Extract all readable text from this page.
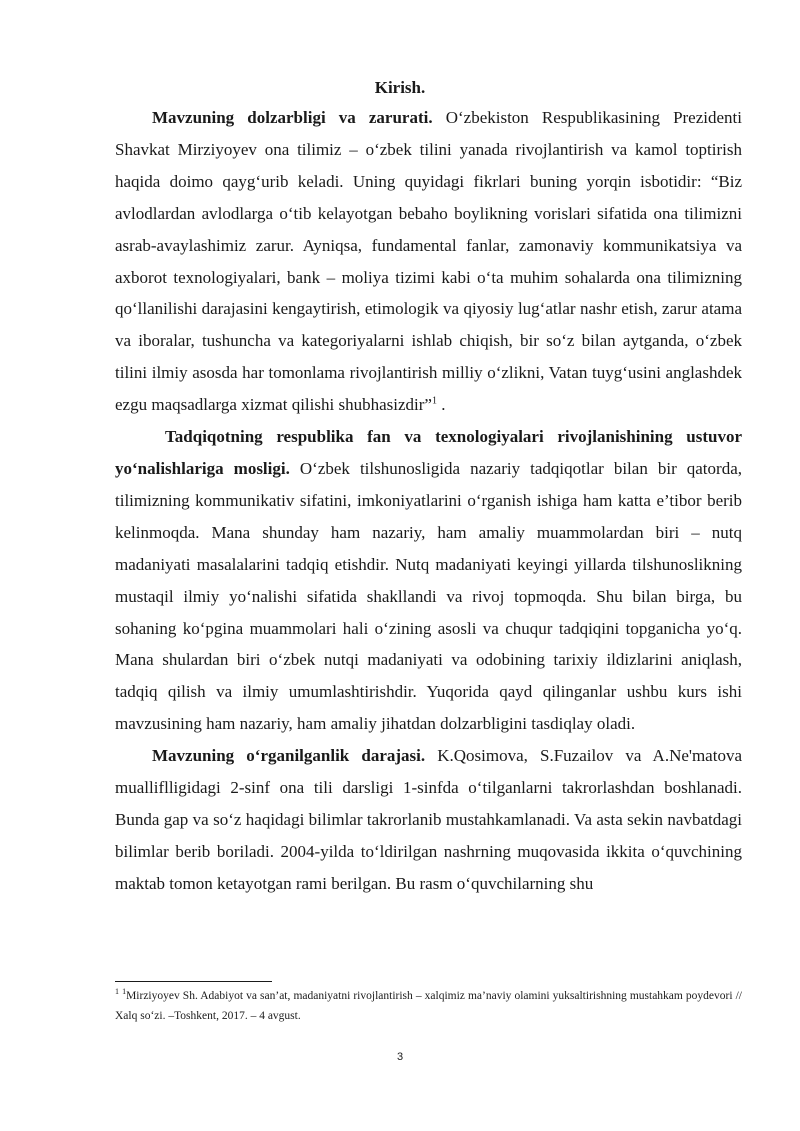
Kirish.

Mavzuning dolzarbligi va zarurati. O‘zbekiston Respublikasining Prezidenti Shavkat Mirziyoyev ona tilimiz – o‘zbek tilini yanada rivojlantirish va kamol toptirish haqida doimo qayg‘urib keladi. Uning quyidagi fikrlari buning yorqin isbotidir: “Biz avlodlardan avlodlarga o‘tib kelayotgan bebaho boylikning vorislari sifatida ona tilimizni asrab-avaylashimiz zarur. Ayniqsa, fundamental fanlar, zamonaviy kommunikatsiya va axborot texnologiyalari, bank – moliya tizimi kabi o‘ta muhim sohalarda ona tilimizning qo‘llanilishi darajasini kengaytirish, etimologik va qiyosiy lug‘atlar nashr etish, zarur atama va iboralar, tushuncha va kategoriyalarni ishlab chiqish, bir so‘z bilan aytganda, o‘zbek tilini ilmiy asosda har tomonlama rivojlantirish milliy o‘zlikni, Vatan tuyg‘usini anglashdek ezgu maqsadlarga xizmat qilishi shubhasizdir”$^1$ .

Tadqiqotning respublika fan va texnologiyalari rivojlanishining ustuvor yo‘nalishlariga mosligi. O‘zbek tilshunosligida nazariy tadqiqotlar bilan bir qatorda, tilimizning kommunikativ sifatini, imkoniyatlarini o‘rganish ishiga ham katta e’tibor berib kelinmoqda. Mana shunday ham nazariy, ham amaliy muammolardan biri – nutq madaniyati masalalarini tadqiq etishdir. Nutq madaniyati keyingi yillarda tilshunoslikning mustaqil ilmiy yo‘nalishi sifatida shakllandi va rivoj topmoqda. Shu bilan birga, bu sohaning ko‘pgina muammolari hali o‘zining asosli va chuqur tadqiqini topganicha yo‘q. Mana shulardan biri o‘zbek nutqi madaniyati va odobining tarixiy ildizlarini aniqlash, tadqiq qilish va ilmiy umumlashtirishdir. Yuqorida qayd qilinganlar ushbu kurs ishi mavzusining ham nazariy, ham amaliy jihatdan dolzarbligini tasdiqlay oladi.

Mavzuning o‘rganilganlik darajasi. K.Qosimova, S.Fuzailov va A.Ne'matova mualliflligidagi 2-sinf ona tili darsligi 1-sinfda o‘tilganlarni takrorlashdan boshlanadi. Bunda gap va so‘z haqidagi bilimlar takrorlanib mustahkamlanadi. Va asta sekin navbatdagi bilimlar berib boriladi. 2004-yilda to‘ldirilgan nashrning muqovasida ikkita o‘quvchining maktab tomon ketayotgan rami berilgan. Bu rasm o‘quvchilarning shu

$^1$ $^1$Mirziyoyev Sh. Adabiyot va san’at, madaniyatni rivojlantirish – xalqimiz ma’naviy olamini yuksaltirishning mustahkam poydevori // Xalq so‘zi. –Toshkent, 2017. – 4 avgust.
3
